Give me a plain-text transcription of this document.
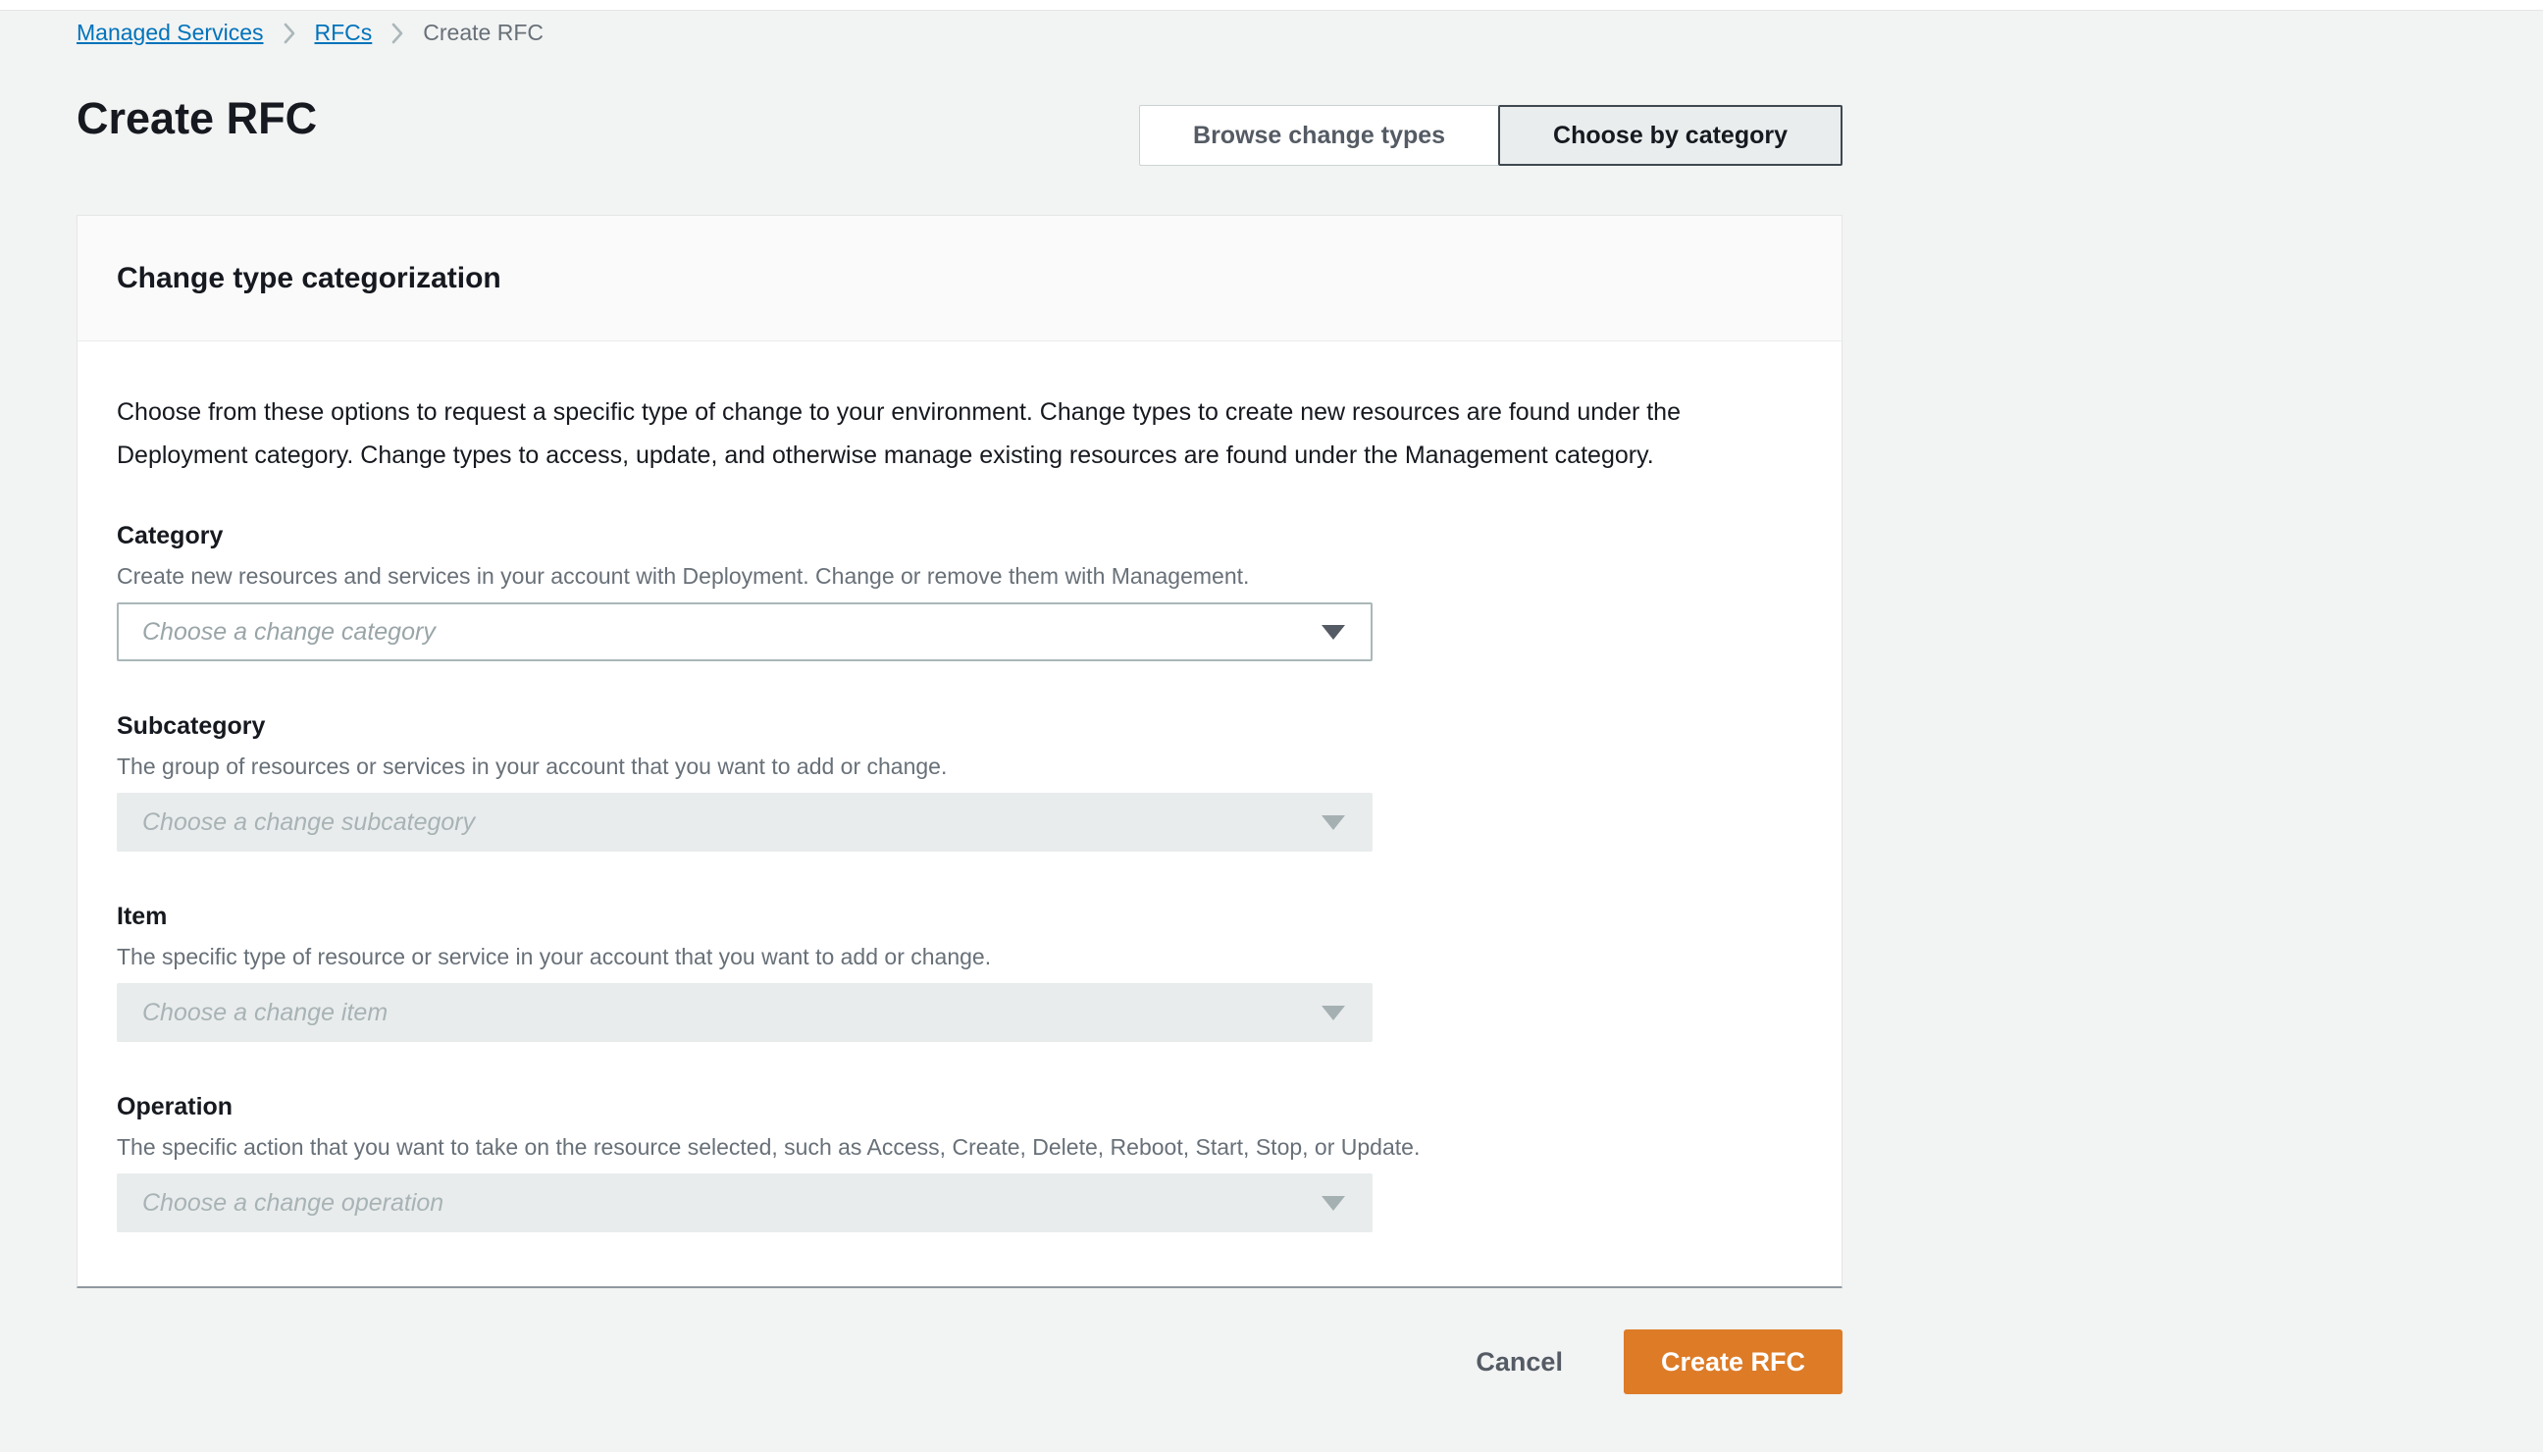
Managed Services RFCs Create RFC
Create RFC	Browse change types	Choose by category
Change type categorization

Choose from these options to request a specific type of change to your environment. Change types to create new resources are found under the Deployment category. Change types to access, update, and otherwise manage existing resources are found under the Management category.

Category
Create new resources and services in your account with Deployment. Change or remove them with Management.
Choose a change category
Subcategory
The group of resources or services in your account that you want to add or change.
Choose a change subcategory
Item
The specific type of resource or service in your account that you want to add or change.
Choose a change item
Operation
The specific action that you want to take on the resource selected, such as Access, Create, Delete, Reboot, Start, Stop, or Update.
Choose a change operation
Cancel	Create RFC
